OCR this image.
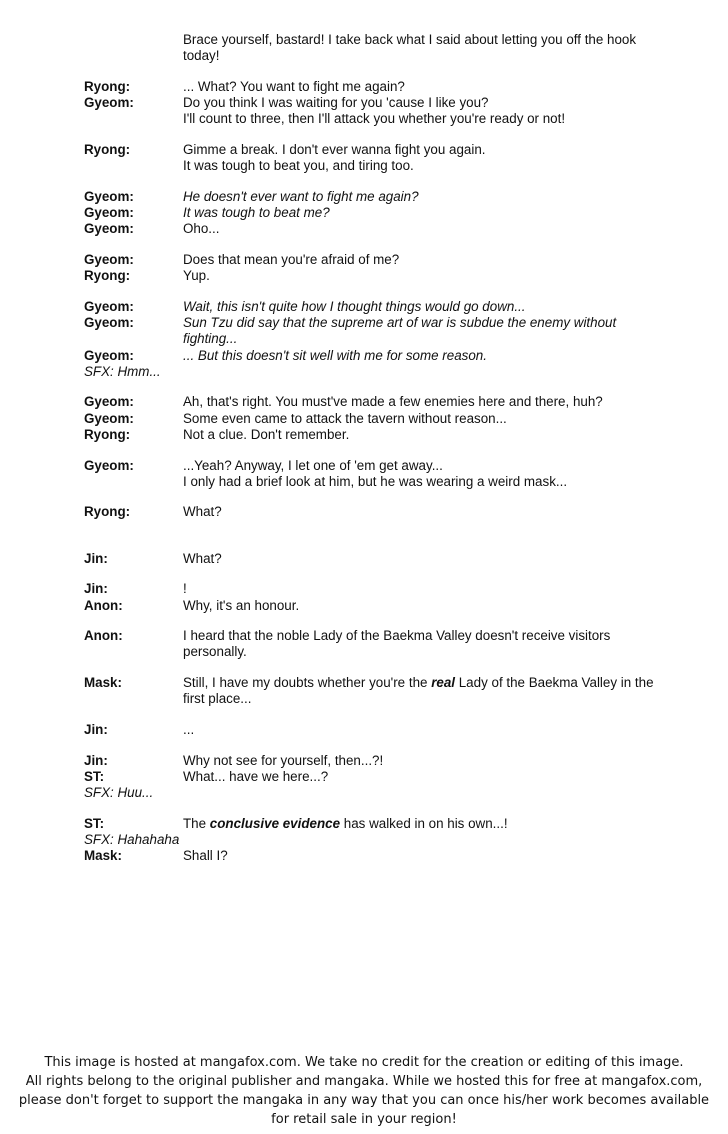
Brace yourself, bastard! I take back what I said about letting you off the hook today!
Ryong:	... What? You want to fight me again?
Gyeom:	Do you think I was waiting for you 'cause I like you?
I'll count to three, then I'll attack you whether you're ready or not!
Ryong:	Gimme a break. I don't ever wanna fight you again.
It was tough to beat you, and tiring too.
Gyeom:	He doesn't ever want to fight me again?
Gyeom:	It was tough to beat me?
Gyeom:	Oho...
Gyeom:	Does that mean you're afraid of me?
Ryong:	Yup.
Gyeom:	Wait, this isn't quite how I thought things would go down...
Gyeom:	Sun Tzu did say that the supreme art of war is subdue the enemy without fighting...
Gyeom:	... But this doesn't sit well with me for some reason.
SFX: Hmm...
Gyeom:	Ah, that's right. You must've made a few enemies here and there, huh?
Gyeom:	Some even came to attack the tavern without reason...
Ryong:	Not a clue. Don't remember.
Gyeom:	...Yeah? Anyway, I let one of 'em get away...
I only had a brief look at him, but he was wearing a weird mask...
Ryong:	What?
Jin:	What?
Jin:	!
Anon:	Why, it's an honour.
Anon:	I heard that the noble Lady of the Baekma Valley doesn't receive visitors personally.
Mask:	Still, I have my doubts whether you're the real Lady of the Baekma Valley in the first place...
Jin:	...
Jin:	Why not see for yourself, then...?!
ST:	What... have we here...?
SFX: Huu...
ST:	The conclusive evidence has walked in on his own...!
SFX: Hahahaha
Mask:	Shall I?
This image is hosted at mangafox.com. We take no credit for the creation or editing of this image.
All rights belong to the original publisher and mangaka. While we hosted this for free at mangafox.com,
please don't forget to support the mangaka in any way that you can once his/her work becomes available
for retail sale in your region!
